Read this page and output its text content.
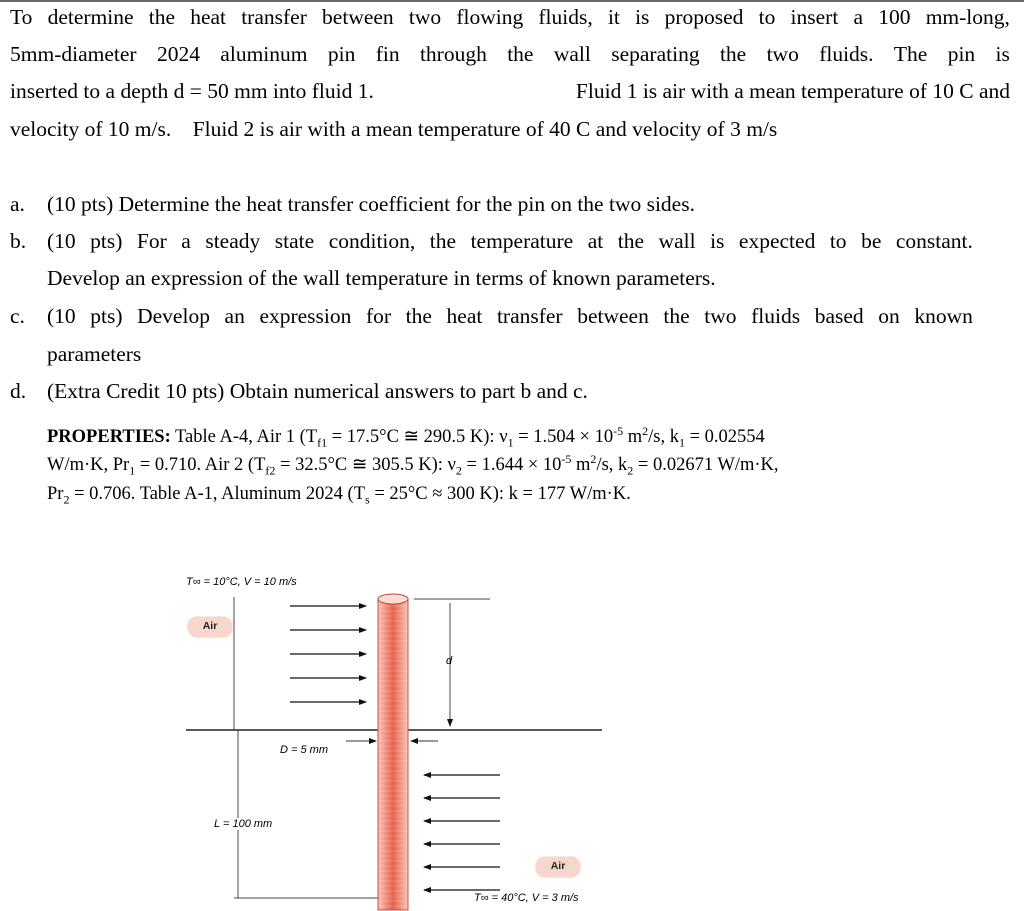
To determine the heat transfer between two flowing fluids, it is proposed to insert a 100 mm-long,
5mm-diameter 2024 aluminum pin fin through the wall separating the two fluids. The pin is
inserted to a depth d = 50 mm into fluid 1.	Fluid 1 is air with a mean temperature of 10 C and
velocity of 10 m/s.    Fluid 2 is air with a mean temperature of 40 C and velocity of 3 m/s
a. (10 pts) Determine the heat transfer coefficient for the pin on the two sides.
b. (10 pts) For a steady state condition, the temperature at the wall is expected to be constant.
Develop an expression of the wall temperature in terms of known parameters.
c. (10 pts) Develop an expression for the heat transfer between the two fluids based on known
parameters
d. (Extra Credit 10 pts) Obtain numerical answers to part b and c.
PROPERTIES: Table A-4, Air 1 ($T_{f1} = 17.5^\circ C$ ≅ 290.5 K): $\nu_1 = 1.504 \times 10^{-5}$ $m^2/s$, $k_1 = 0.02554$
W/m·K, $Pr_1 = 0.710$. Air 2 ($T_{f2} = 32.5^\circ C$ ≅ 305.5 K): $\nu_2 = 1.644 \times 10^{-5}$ $m^2/s$, $k_2 = 0.02671$ W/m·K,
$Pr_2 = 0.706$. Table A-1, Aluminum 2024 ($T_s = 25^\circ C \approx 300$ K): k = 177 W/m·K.
T∞ = 10°C, V = 10 m/s
Air
d
D = 5 mm
L = 100 mm
Air
T∞ = 40°C, V = 3 m/s
